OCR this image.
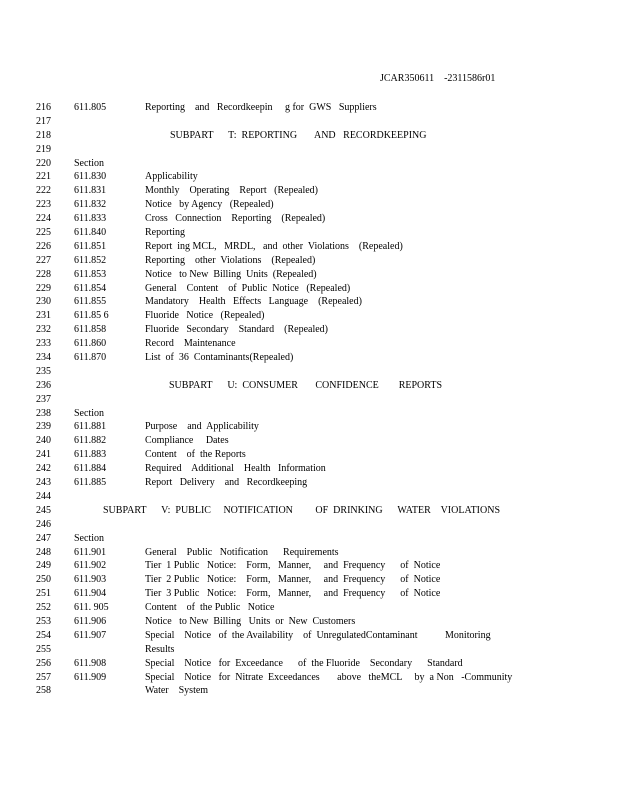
JCAR350611    -2311586r01
216 611.805	Reporting    and   Recordkeepin     g for  GWS   Suppliers
217
218	SUBPART      T:  REPORTING       AND   RECORDKEEPING
219
220 Section
221 611.830	Applicability
222 611.831	Monthly    Operating    Report   (Repealed)
223 611.832	Notice   by Agency   (Repealed)
224 611.833	Cross   Connection    Reporting    (Repealed)
225 611.840	Reporting
226 611.851	Report  ing MCL,   MRDL,   and  other  Violations    (Repealed)
227 611.852	Reporting    other  Violations    (Repealed)
228 611.853	Notice   to New  Billing  Units  (Repealed)
229 611.854	General    Content    of  Public  Notice   (Repealed)
230 611.855	Mandatory    Health   Effects   Language    (Repealed)
231 611.85 6	Fluoride   Notice   (Repealed)
232 611.858	Fluoride   Secondary    Standard    (Repealed)
233 611.860	Record    Maintenance
234 611.870	List  of  36  Contaminants(Repealed)
235
236	SUBPART      U:  CONSUMER       CONFIDENCE        REPORTS
237
238 Section
239 611.881	Purpose    and  Applicability
240 611.882	Compliance     Dates
241 611.883	Content    of  the Reports
242 611.884	Required    Additional    Health   Information
243 611.885	Report   Delivery    and   Recordkeeping
244
245	SUBPART      V:  PUBLIC     NOTIFICATION         OF  DRINKING      WATER    VIOLATIONS
246
247 Section
248 611.901	General    Public   Notification      Requirements
249 611.902	Tier  1 Public   Notice:    Form,   Manner,     and  Frequency      of  Notice
250 611.903	Tier  2 Public   Notice:    Form,   Manner,     and  Frequency      of  Notice
251 611.904	Tier  3 Public   Notice:    Form,   Manner,     and  Frequency      of  Notice
252 611. 905	Content    of  the Public   Notice
253 611.906	Notice   to New  Billing   Units  or  New  Customers
254 611.907	Special    Notice   of  the Availability    of  UnregulatedContaminant           Monitoring
255	Results
256 611.908	Special    Notice   for  Exceedance      of  the Fluoride    Secondary      Standard
257 611.909	Special    Notice   for  Nitrate  Exceedances       above   theMCL     by  a Non   -Community
258	Water    System
